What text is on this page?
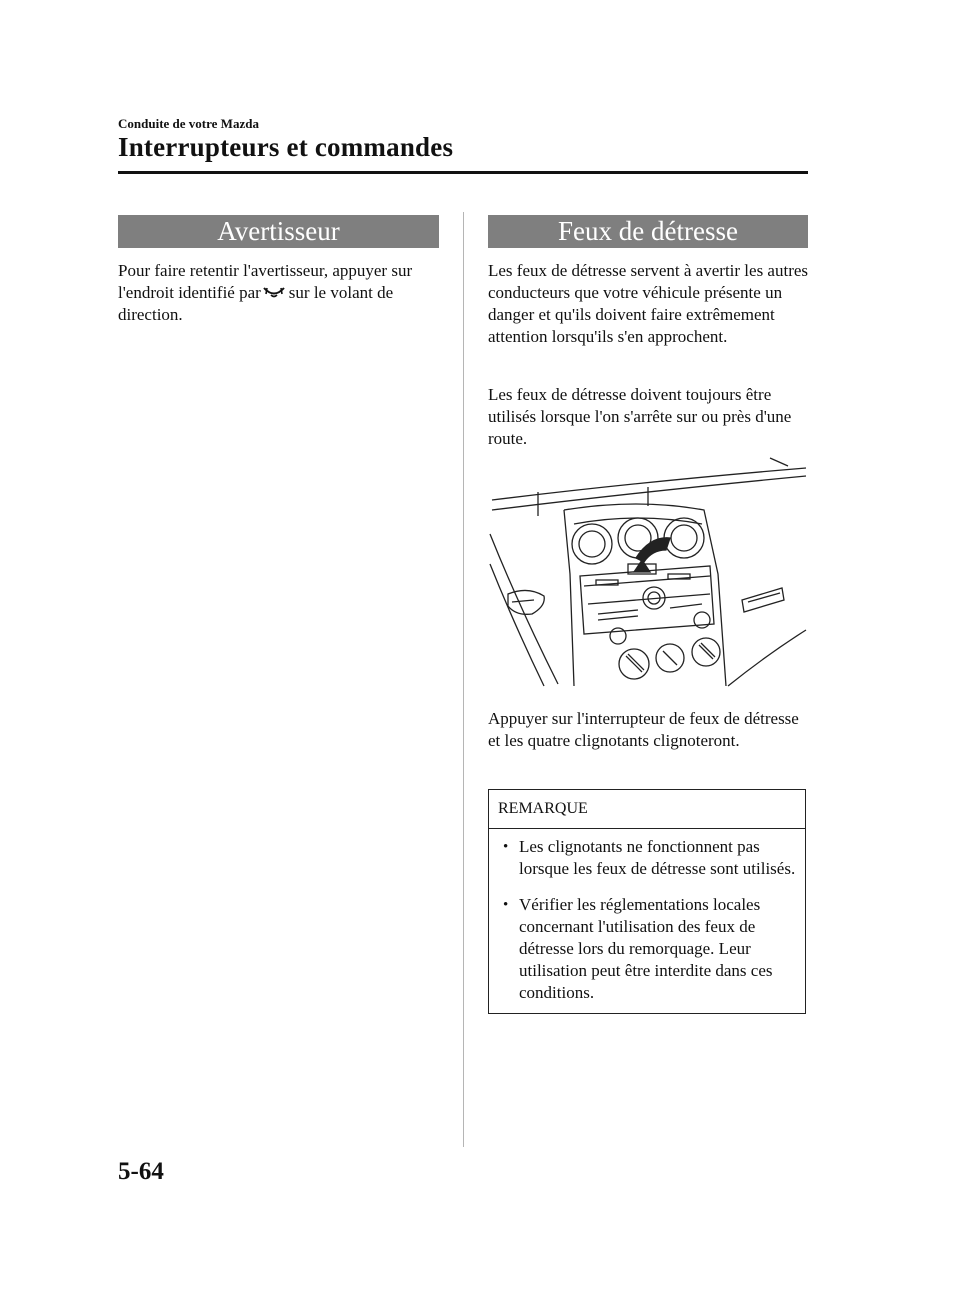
Conduite de votre Mazda
Interrupteurs et commandes
Avertisseur

Pour faire retentir l'avertisseur, appuyer sur l'endroit identifié par sur le volant de direction.

Feux de détresse

Les feux de détresse servent à avertir les autres conducteurs que votre véhicule présente un danger et qu'ils doivent faire extrêmement attention lorsqu'ils s'en approchent.

Les feux de détresse doivent toujours être utilisés lorsque l'on s'arrête sur ou près d'une route.

Appuyer sur l'interrupteur de feux de détresse et les quatre clignotants clignoteront.

REMARQUE
• Les clignotants ne fonctionnent pas lorsque les feux de détresse sont utilisés.
• Vérifier les réglementations locales concernant l'utilisation des feux de détresse lors du remorquage. Leur utilisation peut être interdite dans ces conditions.
5-64
